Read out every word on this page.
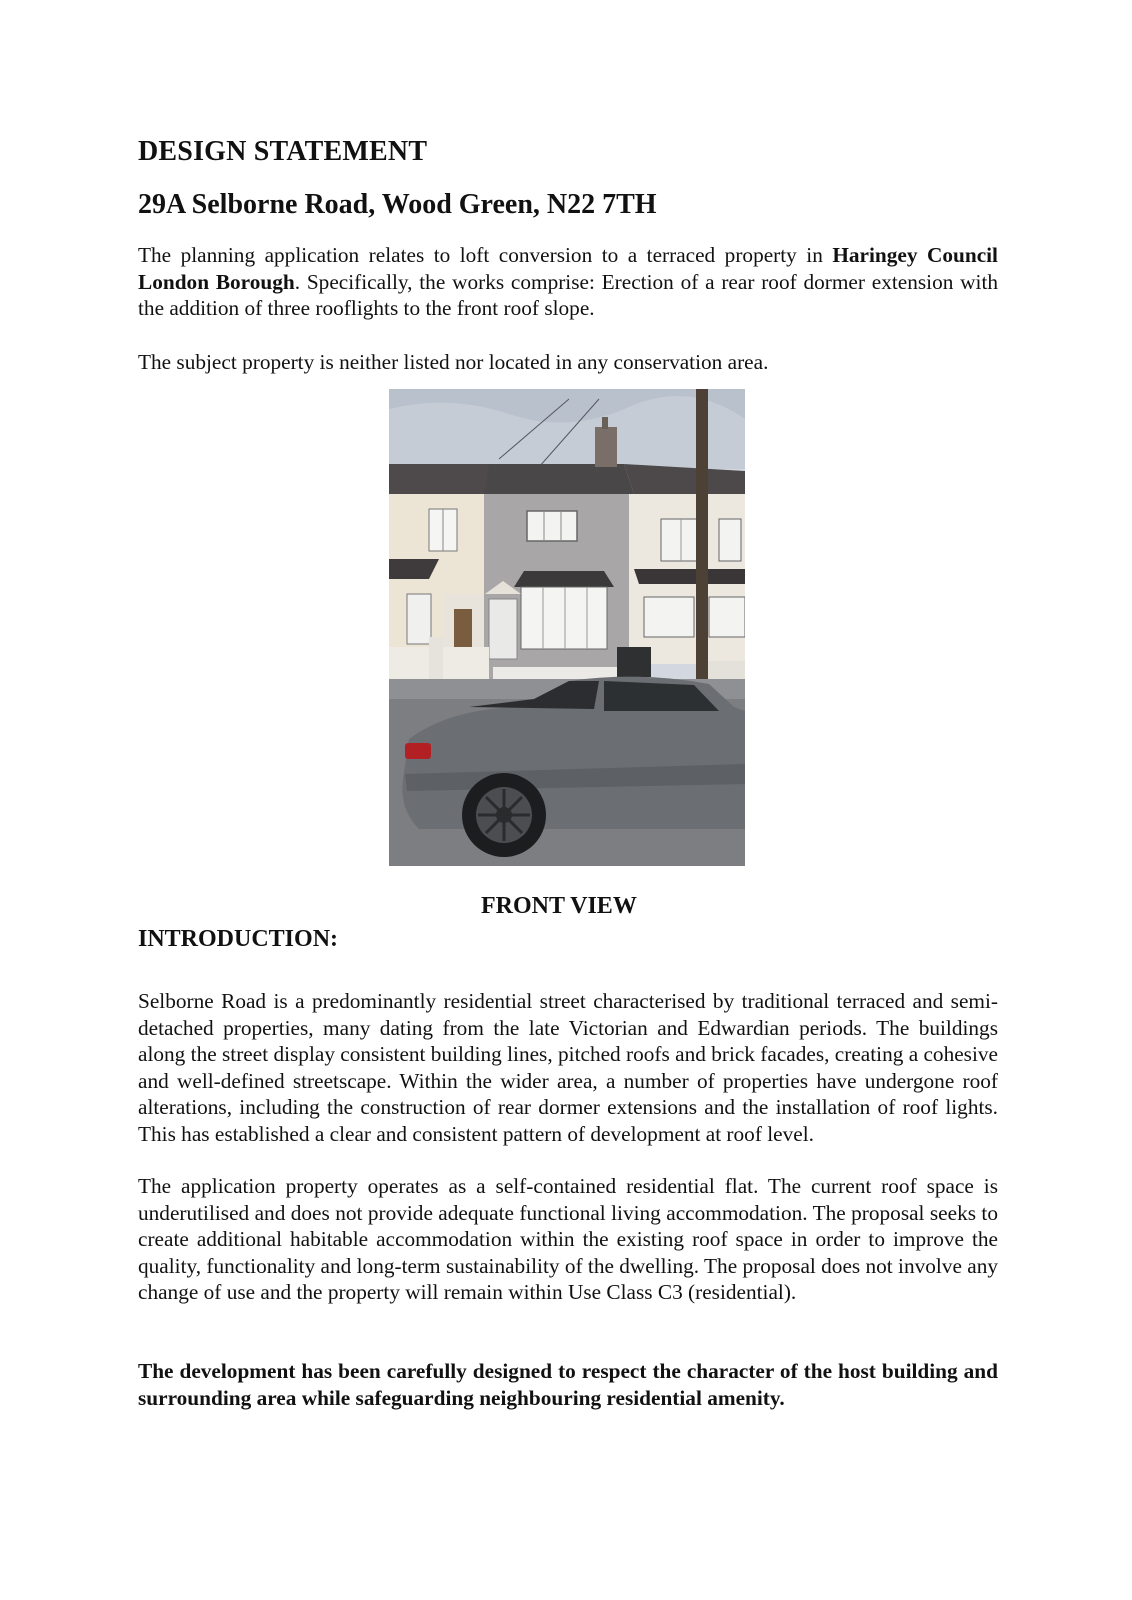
DESIGN STATEMENT
29A Selborne Road, Wood Green, N22 7TH

The planning application relates to loft conversion to a terraced property in Haringey Council London Borough. Specifically, the works comprise: Erection of a rear roof dormer extension with the addition of three rooflights to the front roof slope.

The subject property is neither listed nor located in any conservation area.

INTRODUCTION:

Selborne Road is a predominantly residential street characterised by traditional terraced and semi-detached properties, many dating from the late Victorian and Edwardian periods. The buildings along the street display consistent building lines, pitched roofs and brick facades, creating a cohesive and well-defined streetscape. Within the wider area, a number of properties have undergone roof alterations, including the construction of rear dormer extensions and the installation of roof lights. This has established a clear and consistent pattern of development at roof level.

The application property operates as a self-contained residential flat. The current roof space is underutilised and does not provide adequate functional living accommodation. The proposal seeks to create additional habitable accommodation within the existing roof space in order to improve the quality, functionality and long-term sustainability of the dwelling. The proposal does not involve any change of use and the property will remain within Use Class C3 (residential).

The development has been carefully designed to respect the character of the host building and surrounding area while safeguarding neighbouring residential amenity.

FRONT VIEW
